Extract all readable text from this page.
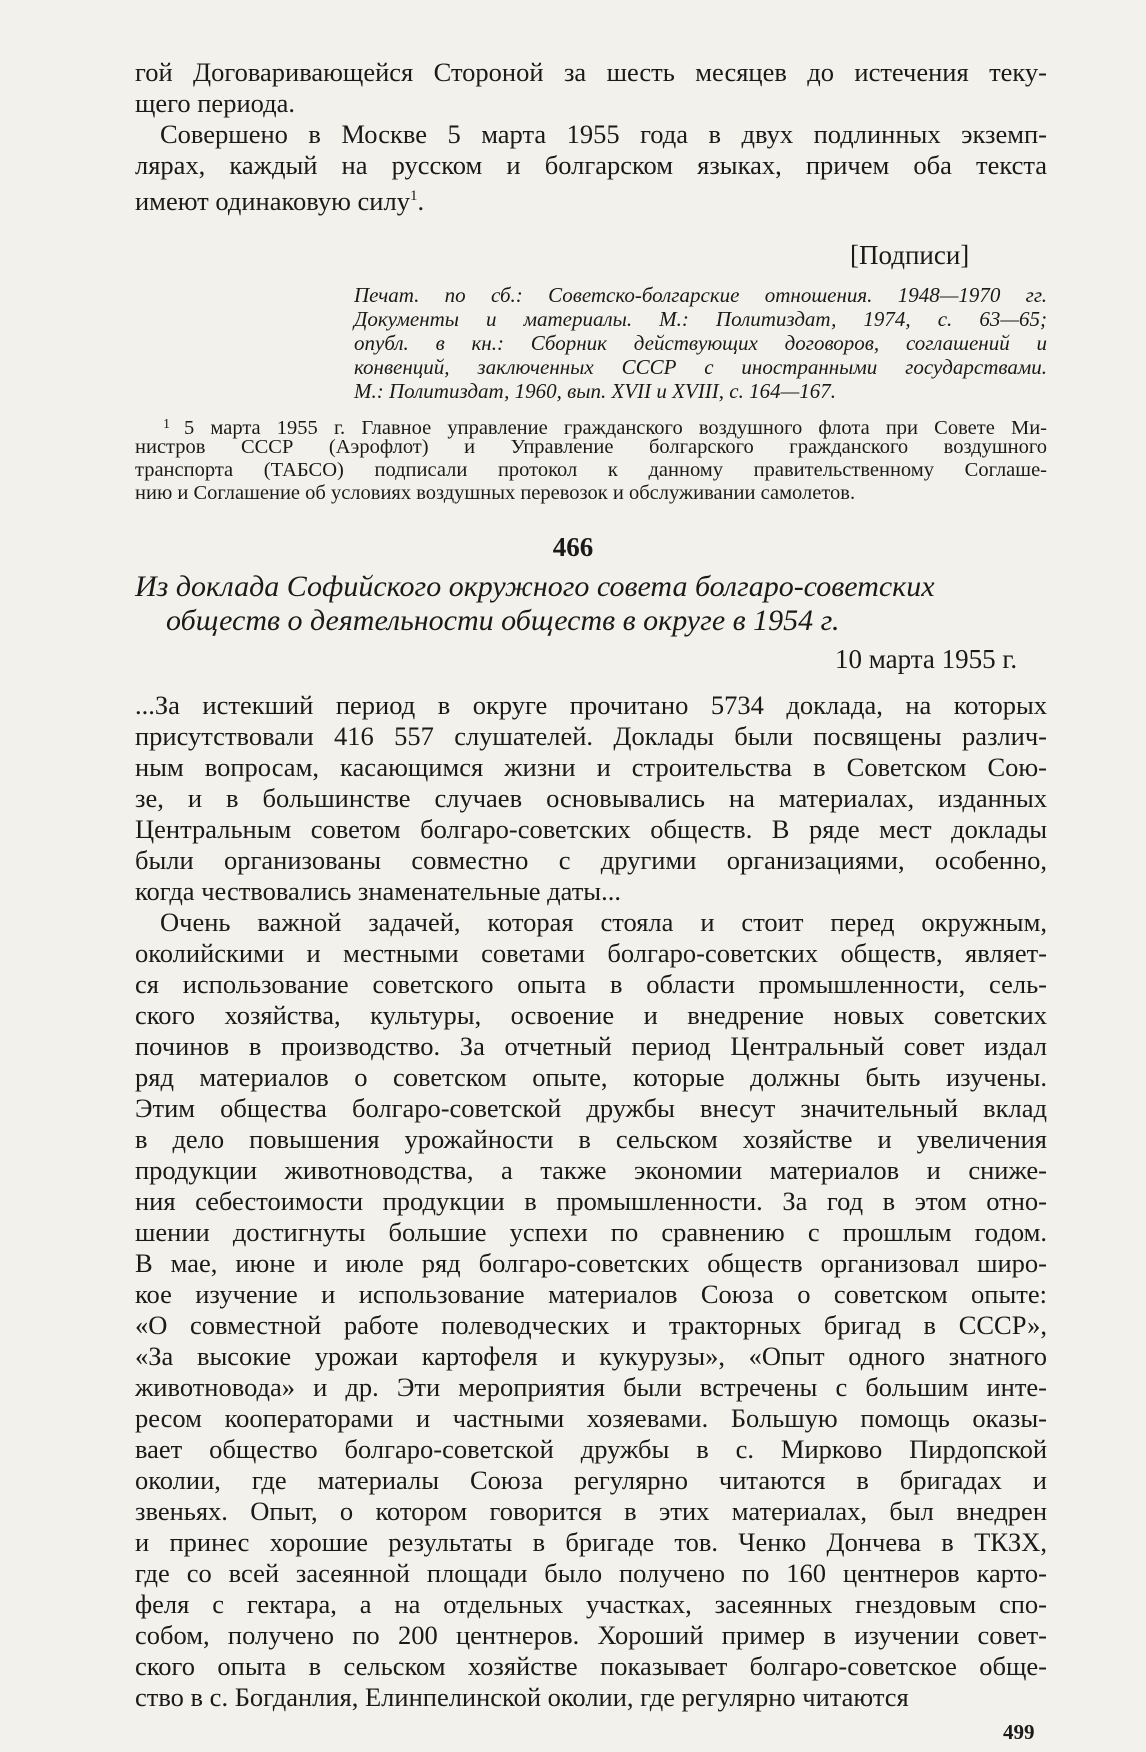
гой Договаривающейся Стороной за шесть месяцев до истечения теку-
щего периода.
Совершено в Москве 5 марта 1955 года в двух подлинных экземп-
лярах, каждый на русском и болгарском языках, причем оба текста
имеют одинаковую силу$^1$.
[Подписи]
Печат. по сб.: Советско-болгарские отношения. 1948—1970 гг.
Документы и материалы. М.: Политиздат, 1974, с. 63—65;
опубл. в кн.: Сборник действующих договоров, соглашений и
конвенций, заключенных СССР с иностранными государствами.
М.: Политиздат, 1960, вып. XVII и XVIII, с. 164—167.
$^1$ 5 марта 1955 г. Главное управление гражданского воздушного флота при Совете Ми-
нистров СССР (Аэрофлот) и Управление болгарского гражданского воздушного
транспорта (ТАБСО) подписали протокол к данному правительственному Соглаше-
нию и Соглашение об условиях воздушных перевозок и обслуживании самолетов.
466
Из доклада Софийского окружного совета болгаро-советских
обществ о деятельности обществ в округе в 1954 г.
10 марта 1955 г.
...За истекший период в округе прочитано 5734 доклада, на которых
присутствовали 416 557 слушателей. Доклады были посвящены различ-
ным вопросам, касающимся жизни и строительства в Советском Сою-
зе, и в большинстве случаев основывались на материалах, изданных
Центральным советом болгаро-советских обществ. В ряде мест доклады
были организованы совместно с другими организациями, особенно,
когда чествовались знаменательные даты...
Очень важной задачей, которая стояла и стоит перед окружным,
околийскими и местными советами болгаро-советских обществ, являет-
ся использование советского опыта в области промышленности, сель-
ского хозяйства, культуры, освоение и внедрение новых советских
починов в производство. За отчетный период Центральный совет издал
ряд материалов о советском опыте, которые должны быть изучены.
Этим общества болгаро-советской дружбы внесут значительный вклад
в дело повышения урожайности в сельском хозяйстве и увеличения
продукции животноводства, а также экономии материалов и сниже-
ния себестоимости продукции в промышленности. За год в этом отно-
шении достигнуты большие успехи по сравнению с прошлым годом.
В мае, июне и июле ряд болгаро-советских обществ организовал широ-
кое изучение и использование материалов Союза о советском опыте:
«О совместной работе полеводческих и тракторных бригад в СССР»,
«За высокие урожаи картофеля и кукурузы», «Опыт одного знатного
животновода» и др. Эти мероприятия были встречены с большим инте-
ресом кооператорами и частными хозяевами. Большую помощь оказы-
вает общество болгаро-советской дружбы в с. Мирково Пирдопской
околии, где материалы Союза регулярно читаются в бригадах и
звеньях. Опыт, о котором говорится в этих материалах, был внедрен
и принес хорошие результаты в бригаде тов. Ченко Дончева в ТКЗХ,
где со всей засеянной площади было получено по 160 центнеров карто-
феля с гектара, а на отдельных участках, засеянных гнездовым спо-
собом, получено по 200 центнеров. Хороший пример в изучении совет-
ского опыта в сельском хозяйстве показывает болгаро-советское обще-
499
ство в с. Богданлия, Елинпелинской околии, где регулярно читаются
